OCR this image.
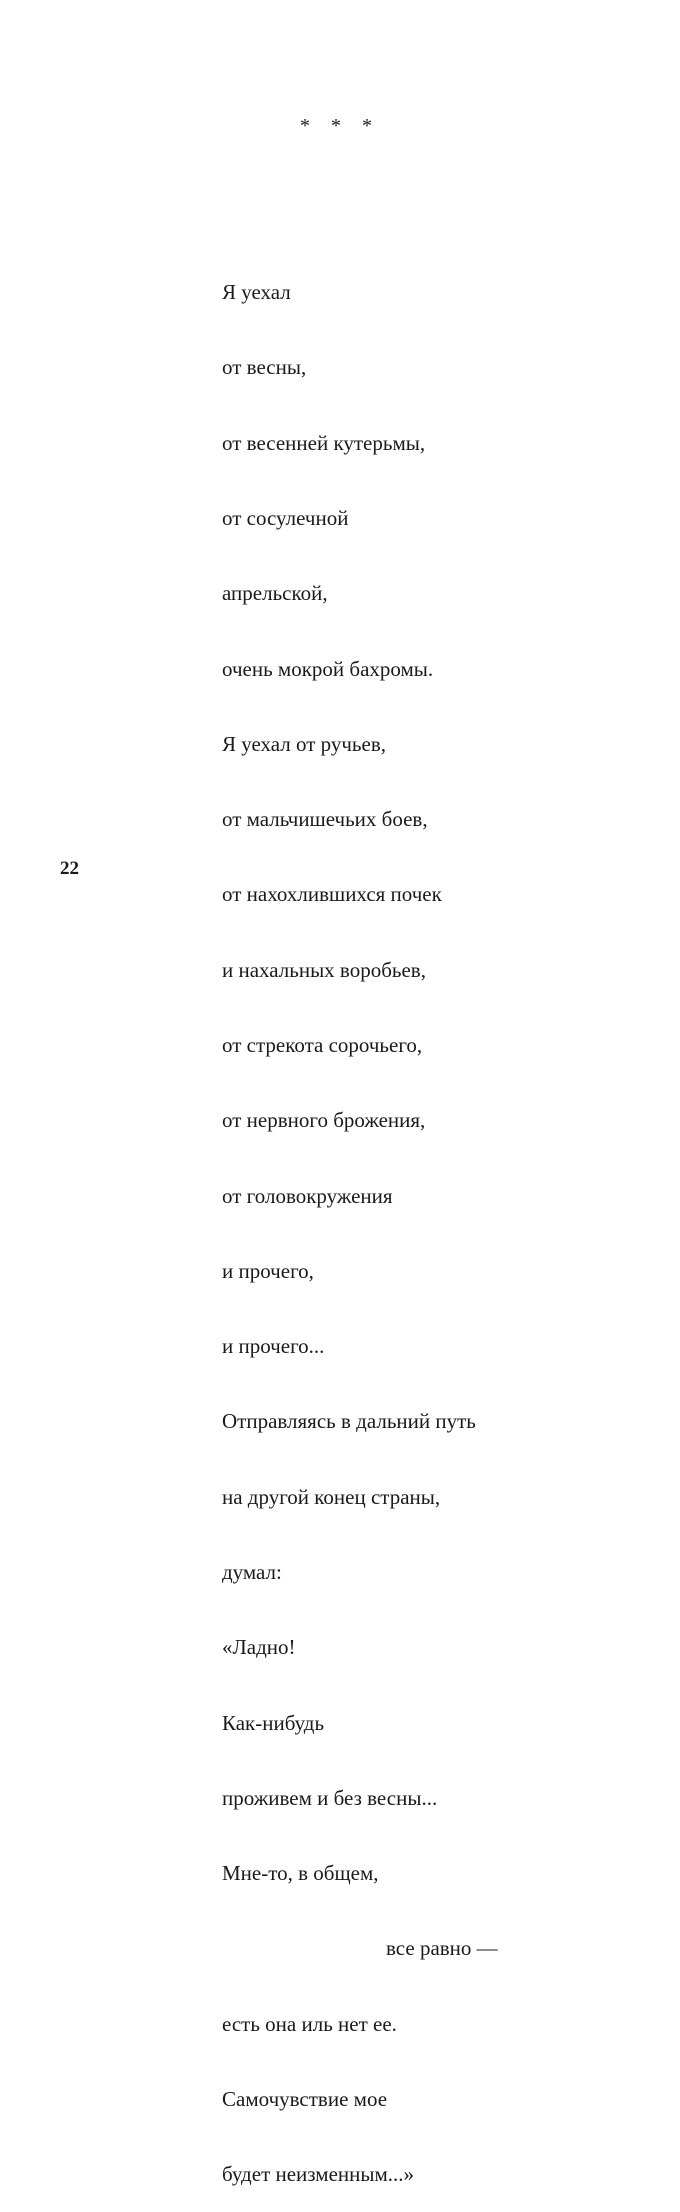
* * *

Я уехал

от весны,

от весенней кутерьмы,

от сосулечной

апрельской,

очень мокрой бахромы.

Я уехал от ручьев,

от мальчишечьих боев,

от нахохлившихся почек

и нахальных воробьев,

от стрекота сорочьего,

от нервного брожения,

от головокружения

и прочего,

и прочего...

Отправляясь в дальний путь

на другой конец страны,

думал:

«Ладно!

Как-нибудь

проживем и без весны...

Мне-то, в общем,

все равно —

есть она иль нет ее.

Самочувствие мое

будет неизменным...»

22
